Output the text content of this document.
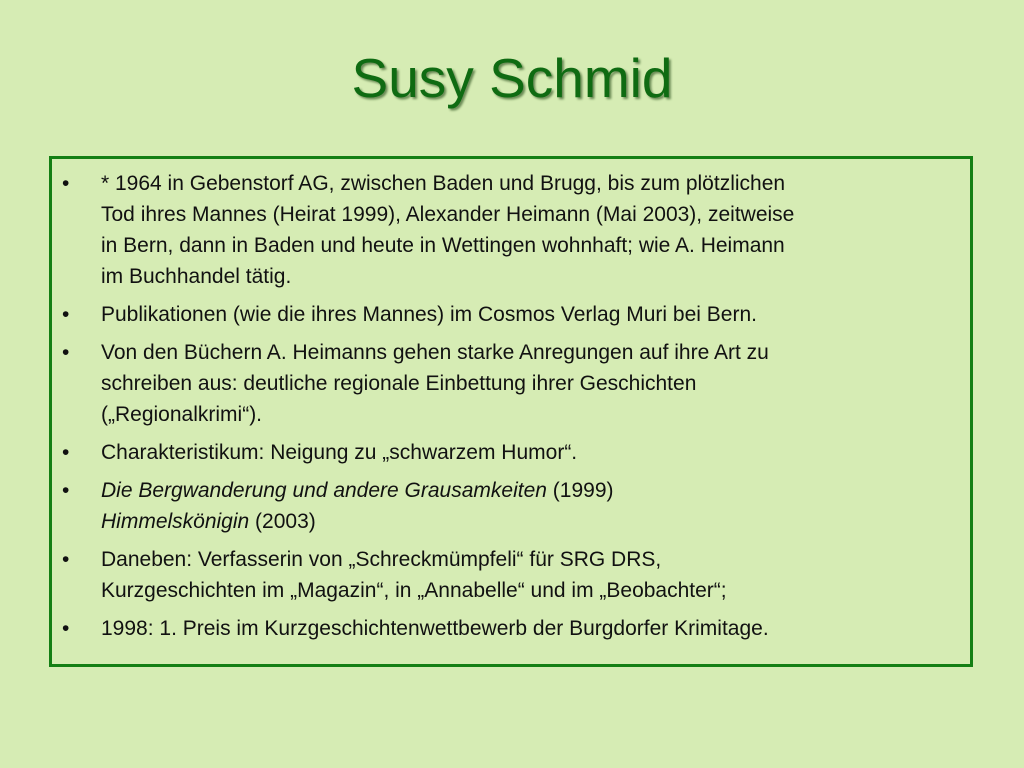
Susy Schmid
• * 1964 in Gebenstorf AG, zwischen Baden und Brugg, bis zum plötzlichen
Tod ihres Mannes (Heirat 1999), Alexander Heimann (Mai 2003), zeitweise
in Bern, dann in Baden und heute in Wettingen wohnhaft; wie A. Heimann
im Buchhandel tätig.
• Publikationen (wie die ihres Mannes) im Cosmos Verlag Muri bei Bern.
• Von den Büchern A. Heimanns gehen starke Anregungen auf ihre Art zu
schreiben aus: deutliche regionale Einbettung ihrer Geschichten
(„Regionalkrimi“).
• Charakteristikum: Neigung zu „schwarzem Humor“.
• Die Bergwanderung und andere Grausamkeiten (1999)
Himmelskönigin (2003)
• Daneben: Verfasserin von „Schreckmümpfeli“ für SRG DRS,
Kurzgeschichten im „Magazin“, in „Annabelle“ und im „Beobachter“;
• 1998: 1. Preis im Kurzgeschichtenwettbewerb der Burgdorfer Krimitage.
